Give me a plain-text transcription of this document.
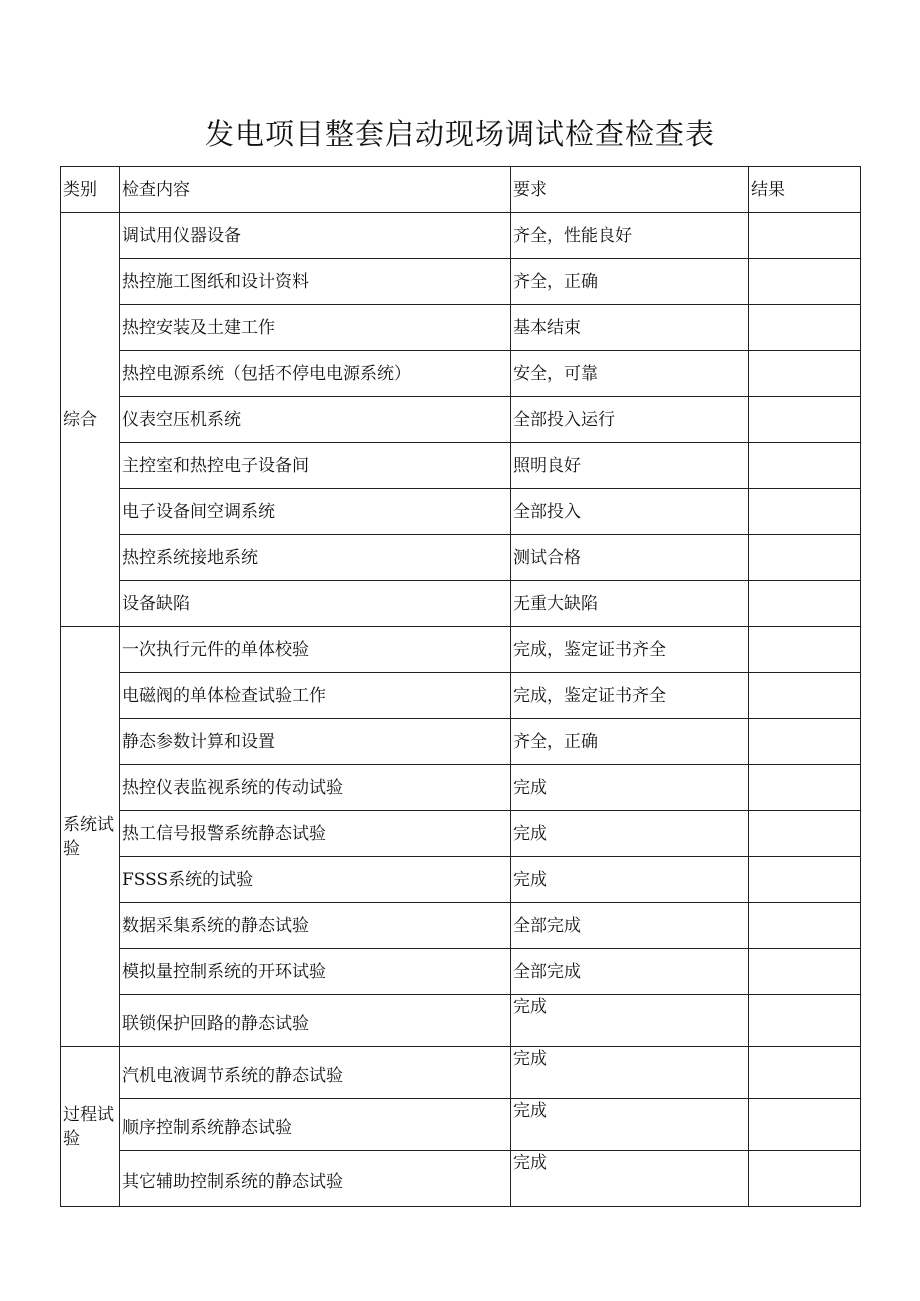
发电项目整套启动现场调试检查检查表
类别	检查内容	要求	结果
综合	调试用仪器设备	齐全，性能良好	
	热控施工图纸和设计资料	齐全，正确	
	热控安装及土建工作	基本结束	
	热控电源系统（包括不停电电源系统）	安全，可靠	
	仪表空压机系统	全部投入运行	
	主控室和热控电子设备间	照明良好	
	电子设备间空调系统	全部投入	
	热控系统接地系统	测试合格	
	设备缺陷	无重大缺陷	
系统试验	一次执行元件的单体校验	完成，鉴定证书齐全	
	电磁阀的单体检查试验工作	完成，鉴定证书齐全	
	静态参数计算和设置	齐全，正确	
	热控仪表监视系统的传动试验	完成	
	热工信号报警系统静态试验	完成	
	FSSS系统的试验	完成	
	数据采集系统的静态试验	全部完成	
	模拟量控制系统的开环试验	全部完成	
	联锁保护回路的静态试验	完成	
过程试验	汽机电液调节系统的静态试验	完成	
	顺序控制系统静态试验	完成	
	其它辅助控制系统的静态试验	完成	
